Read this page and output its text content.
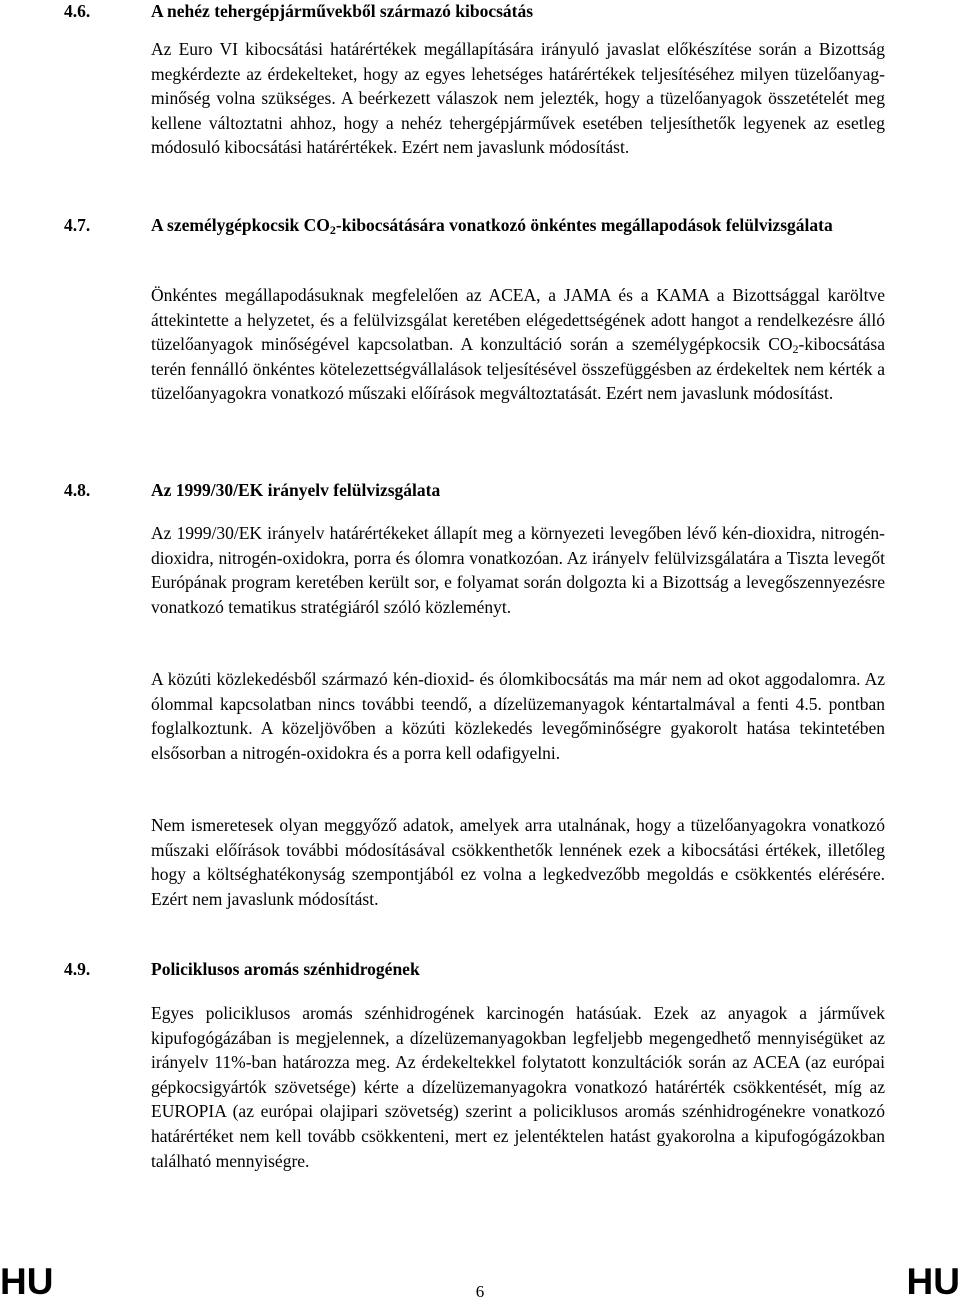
4.6.	A nehéz tehergépjárművekből származó kibocsátás

Az Euro VI kibocsátási határértékek megállapítására irányuló javaslat előkészítése során a Bizottság megkérdezte az érdekelteket, hogy az egyes lehetséges határértékek teljesítéséhez milyen tüzelőanyag-minőség volna szükséges. A beérkezett válaszok nem jelezték, hogy a tüzelőanyagok összetételét meg kellene változtatni ahhoz, hogy a nehéz tehergépjárművek esetében teljesíthetők legyenek az esetleg módosuló kibocsátási határértékek. Ezért nem javaslunk módosítást.

4.7.	A személygépkocsik $CO_2$-kibocsátására vonatkozó önkéntes megállapodások felülvizsgálata

Önkéntes megállapodásuknak megfelelően az ACEA, a JAMA és a KAMA a Bizottsággal karöltve áttekintette a helyzetet, és a felülvizsgálat keretében elégedettségének adott hangot a rendelkezésre álló tüzelőanyagok minőségével kapcsolatban. A konzultáció során a személygépkocsik $CO_2$-kibocsátása terén fennálló önkéntes kötelezettségvállalások teljesítésével összefüggésben az érdekeltek nem kérték a tüzelőanyagokra vonatkozó műszaki előírások megváltoztatását. Ezért nem javaslunk módosítást.

4.8.	Az 1999/30/EK irányelv felülvizsgálata

Az 1999/30/EK irányelv határértékeket állapít meg a környezeti levegőben lévő kén-dioxidra, nitrogén-dioxidra, nitrogén-oxidokra, porra és ólomra vonatkozóan. Az irányelv felülvizsgálatára a Tiszta levegőt Európának program keretében került sor, e folyamat során dolgozta ki a Bizottság a levegőszennyezésre vonatkozó tematikus stratégiáról szóló közleményt.

A közúti közlekedésből származó kén-dioxid- és ólomkibocsátás ma már nem ad okot aggodalomra. Az ólommal kapcsolatban nincs további teendő, a dízelüzemanyagok kéntartalmával a fenti 4.5. pontban foglalkoztunk. A közeljövőben a közúti közlekedés levegőminőségre gyakorolt hatása tekintetében elsősorban a nitrogén-oxidokra és a porra kell odafigyelni.

Nem ismeretesek olyan meggyőző adatok, amelyek arra utalnának, hogy a tüzelőanyagokra vonatkozó műszaki előírások további módosításával csökkenthetők lennének ezek a kibocsátási értékek, illetőleg hogy a költséghatékonyság szempontjából ez volna a legkedvezőbb megoldás e csökkentés elérésére. Ezért nem javaslunk módosítást.

4.9.	Policiklusos aromás szénhidrogének

Egyes policiklusos aromás szénhidrogének karcinogén hatásúak. Ezek az anyagok a járművek kipufogógázában is megjelennek, a dízelüzemanyagokban legfeljebb megengedhető mennyiségüket az irányelv 11%-ban határozza meg. Az érdekeltekkel folytatott konzultációk során az ACEA (az európai gépkocsigyártók szövetsége) kérte a dízelüzemanyagokra vonatkozó határérték csökkentését, míg az EUROPIA (az európai olajipari szövetség) szerint a policiklusos aromás szénhidrogénekre vonatkozó határértéket nem kell tovább csökkenteni, mert ez jelentéktelen hatást gyakorolna a kipufogógázokban található mennyiségre.

HU	6	HU
